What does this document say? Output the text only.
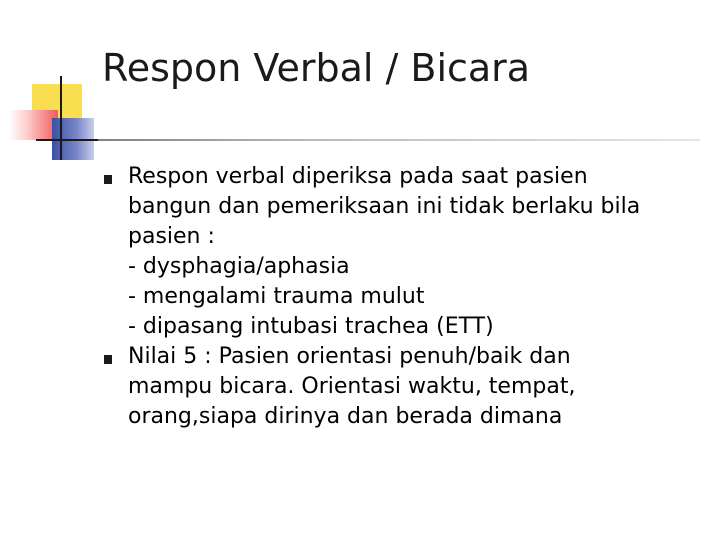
Respon Verbal / Bicara
Respon verbal diperiksa pada saat pasien
bangun dan pemeriksaan ini tidak berlaku bila
pasien :
- dysphagia/aphasia
- mengalami trauma mulut
- dipasang intubasi trachea (ETT)
Nilai 5 : Pasien orientasi penuh/baik dan
mampu bicara. Orientasi waktu, tempat,
orang,siapa dirinya dan berada dimana
